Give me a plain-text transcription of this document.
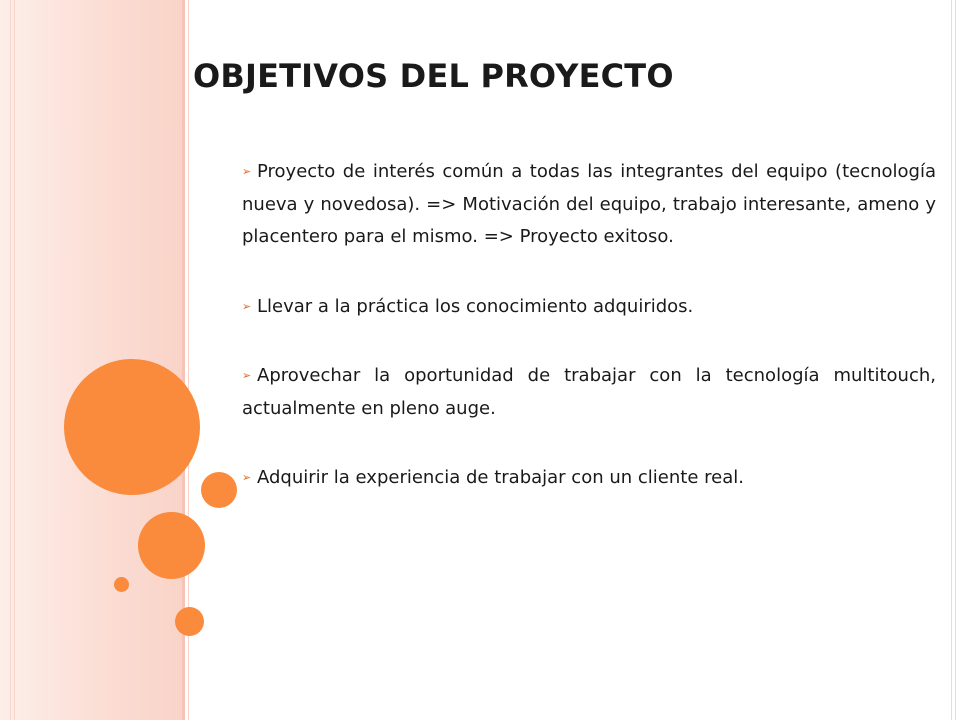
OBJETIVOS DEL PROYECTO
➢ Proyecto de interés común a todas las integrantes del equipo (tecnología nueva y novedosa). => Motivación del equipo, trabajo interesante, ameno y placentero para el mismo. => Proyecto exitoso.
➢ Llevar a la práctica los conocimiento adquiridos.
➢ Aprovechar la oportunidad de trabajar con la tecnología multitouch, actualmente en pleno auge.
➢ Adquirir la experiencia de trabajar con un cliente real.
